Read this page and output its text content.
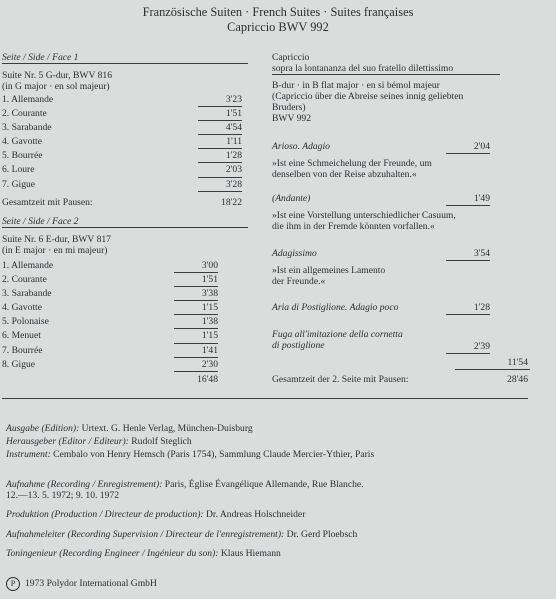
Französische Suiten · French Suites · Suites françaises
Capriccio BWV 992
Seite / Side / Face 1
Suite Nr. 5 G-dur, BWV 816
(in G major · en sol majeur)
1. Allemande	3'23
2. Courante	1'51
3. Sarabande	4'54
4. Gavotte	1'11
5. Bourrée	1'28
6. Loure	2'03
7. Gigue	3'28
Gesamtzeit mit Pausen:	18'22
Seite / Side / Face 2
Suite Nr. 6 E-dur, BWV 817
(in E major · en mi majeur)
1. Allemande	3'00
2. Courante	1'51
3. Sarabande	3'38
4. Gavotte	1'15
5. Polonaise	1'38
6. Menuet	1'15
7. Bourrée	1'41
8. Gigue	2'30
16'48
Capriccio
sopra la lontananza del suo fratello dilettissimo
B-dur · in B flat major · en si bémol majeur
(Capriccio über die Abreise seines innig geliebten
Bruders)
BWV 992
Arioso. Adagio	2'04
»Ist eine Schmeichelung der Freunde, um
denselben von der Reise abzuhalten.«
(Andante)	1'49
»Ist eine Vorstellung unterschiedlicher Casuum,
die ihm in der Fremde könnten vorfallen.«
Adagissimo	3'54
»Ist ein allgemeines Lamento
der Freunde.«
Aria di Postiglione. Adagio poco	1'28
Fuga all'imitazione della cornetta
di postiglione	2'39
11'54
Gesamtzeit der 2. Seite mit Pausen:	28'46
Ausgabe (Edition): Urtext. G. Henle Verlag, München-Duisburg
Herausgeber (Editor / Editeur): Rudolf Steglich
Instrument: Cembalo von Henry Hemsch (Paris 1754), Sammlung Claude Mercier-Ythier, Paris
Aufnahme (Recording / Enregistrement): Paris, Église Évangélique Allemande, Rue Blanche.
12.—13. 5. 1972; 9. 10. 1972
Produktion (Production / Directeur de production): Dr. Andreas Holschneider
Aufnahmeleiter (Recording Supervision / Directeur de l'enregistrement): Dr. Gerd Ploebsch
Toningenieur (Recording Engineer / Ingénieur du son): Klaus Hiemann
P 1973 Polydor International GmbH
